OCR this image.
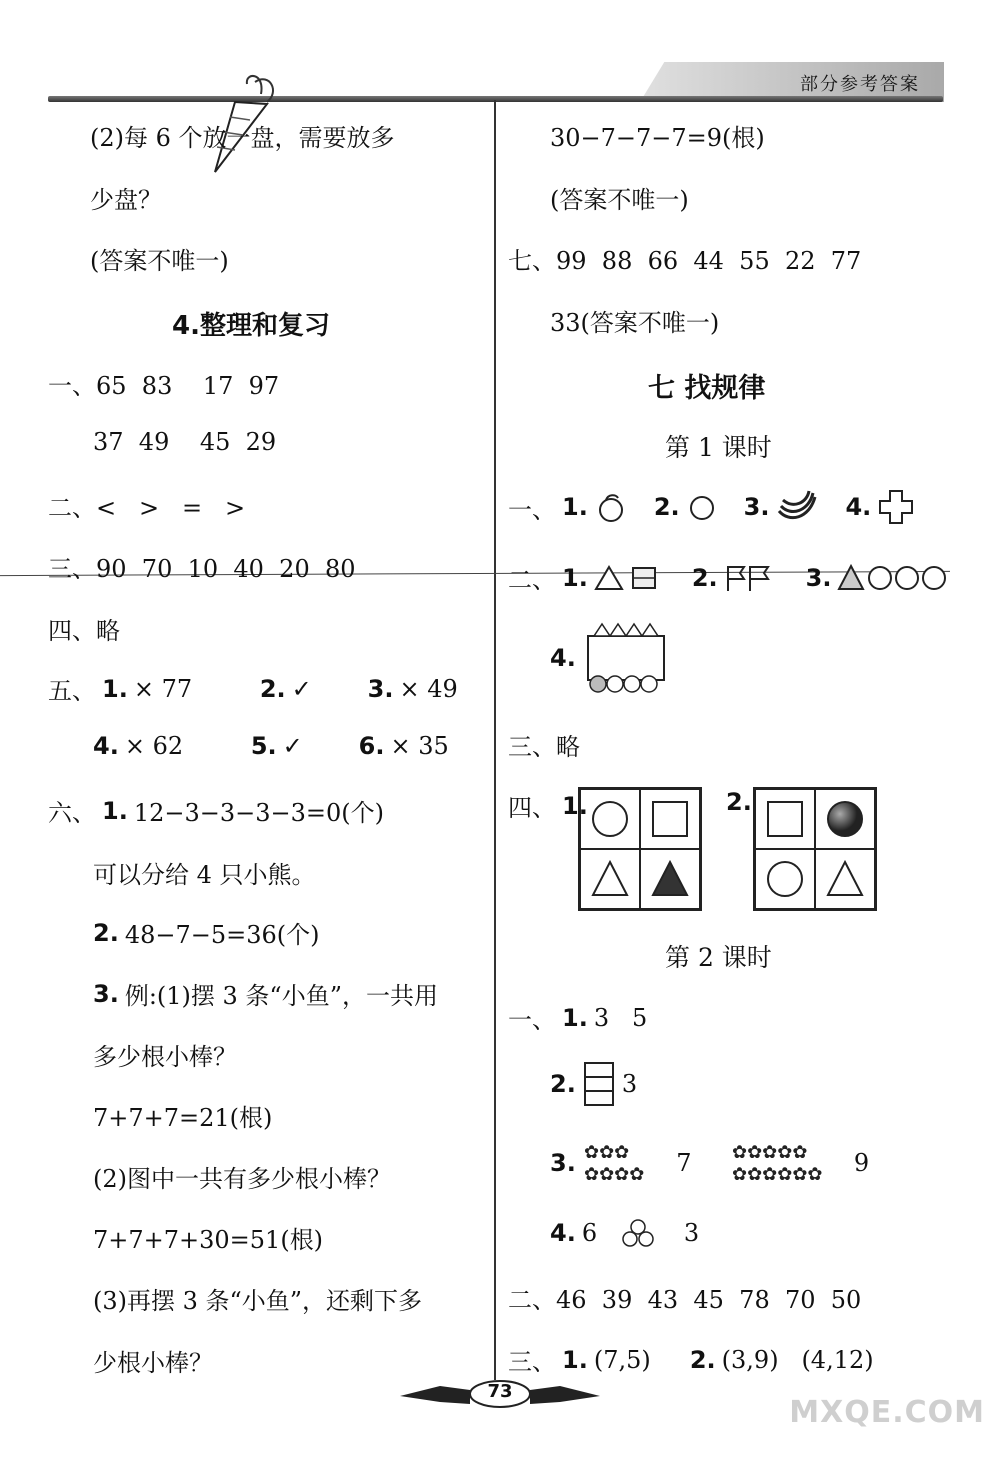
部分参考答案
(2)每 6 个放一盘，需要放多
少盘？
(答案不唯一)
4.整理和复习
一、65  83    17  97
37  49    45  29
二、<   >   =   >
三、90  70  10  40  20  80
四、略
五、 1. × 77	2. ✓	3. × 49
4. × 62	5. ✓	6. × 35
六、 1. 12−3−3−3−3=0(个)
可以分给 4 只小熊。
2. 48−7−5=36(个)
3. 例:(1)摆 3 条“小鱼”，一共用
多少根小棒？
7+7+7=21(根)
(2)图中一共有多少根小棒？
7+7+7+30=51(根)
(3)再摆 3 条“小鱼”，还剩下多
少根小棒？
30−7−7−7=9(根)
(答案不唯一)
七、99  88  66  44  55  22  77
33(答案不唯一)
七 找规律
第 1 课时
一、 1.	2.	3.	4.
二、 1.	2.	3.
4.
三、略
四、 1.	2.
第 2 课时
一、 1. 3   5
2. 3
3. ✿✿✿
✿✿✿✿	7	✿✿✿✿✿
✿✿✿✿✿✿ 9
4. 6	3
二、46  39  43  45  78  70  50
三、 1. (7,5)	2. (3,9)   (4,12)
73
MXQE.COM
